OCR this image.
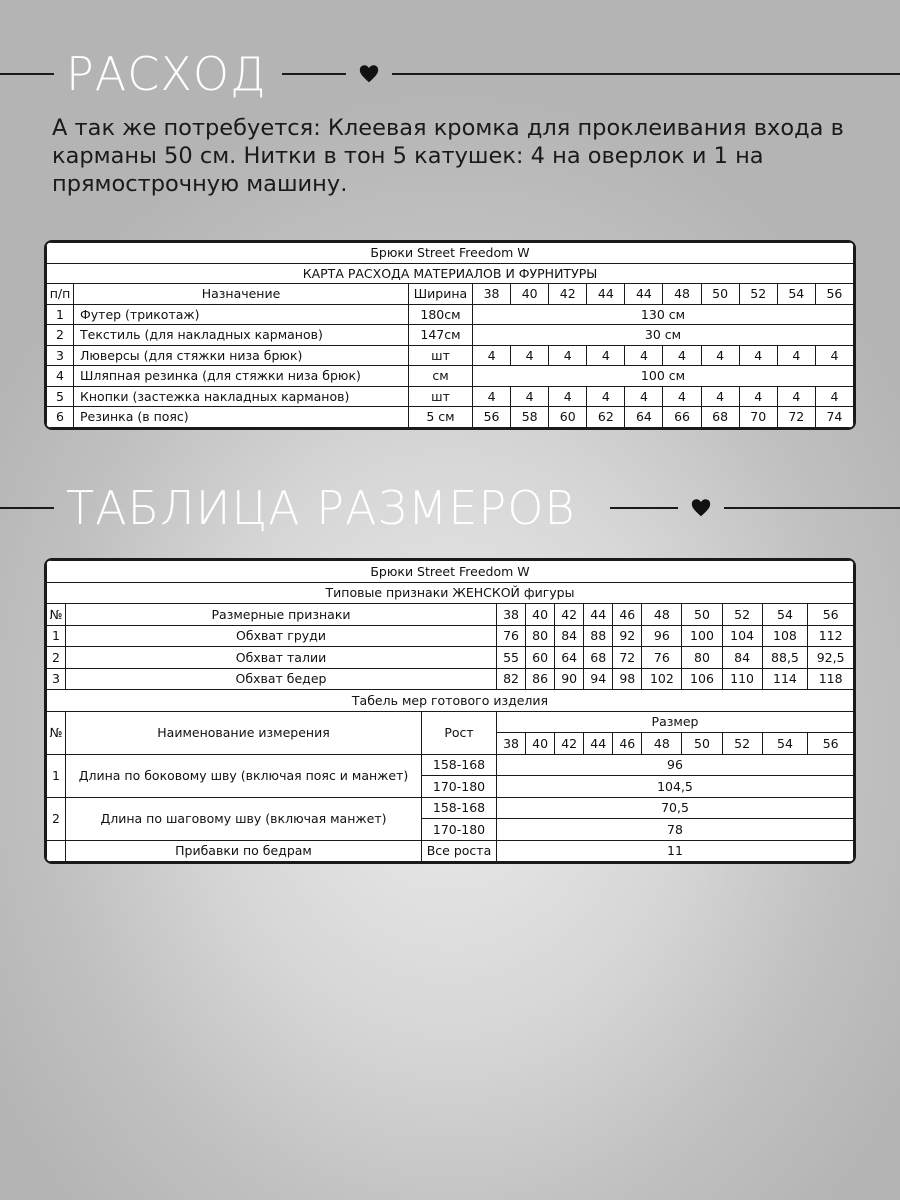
РАСХОД

А так же потребуется: Клеевая кромка для проклеивания входа в карманы 50 см. Нитки в тон 5 катушек: 4 на оверлок и 1 на прямострочную машину.

Брюки Street Freedom W												
КАРТА РАСХОДА МАТЕРИАЛОВ И ФУРНИТУРЫ												
п/п	Назначение	Ширина	38	40	42	44	44	48	50	52	54	56
1	Футер (трикотаж)	180см	130 см									
2	Текстиль (для накладных карманов)	147см	30 см									
3	Люверсы (для стяжки низа брюк)	шт	4	4	4	4	4	4	4	4	4	4
4	Шляпная резинка (для стяжки низа брюк)	см	100 см									
5	Кнопки (застежка накладных карманов)	шт	4	4	4	4	4	4	4	4	4	4
6	Резинка (в пояс)	5 см	56	58	60	62	64	66	68	70	72	74
ТАБЛИЦА РАЗМЕРОВ
Брюки Street Freedom W												
Типовые признаки ЖЕНСКОЙ фигуры												
№	Размерные признаки		38	40	42	44	46	48	50	52	54	56
1	Обхват груди		76	80	84	88	92	96	100	104	108	112
2	Обхват талии		55	60	64	68	72	76	80	84	88,5	92,5
3	Обхват бедер		82	86	90	94	98	102	106	110	114	118
Табель мер готового изделия												
№	Наименование измерения	Рост	Размер									
			38	40	42	44	46	48	50	52	54	56
1	Длина по боковому шву (включая пояс и манжет)	158-168	96									
		170-180	104,5									
2	Длина по шаговому шву (включая манжет)	158-168	70,5									
		170-180	78									
	Прибавки по бедрам	Все роста	11									
